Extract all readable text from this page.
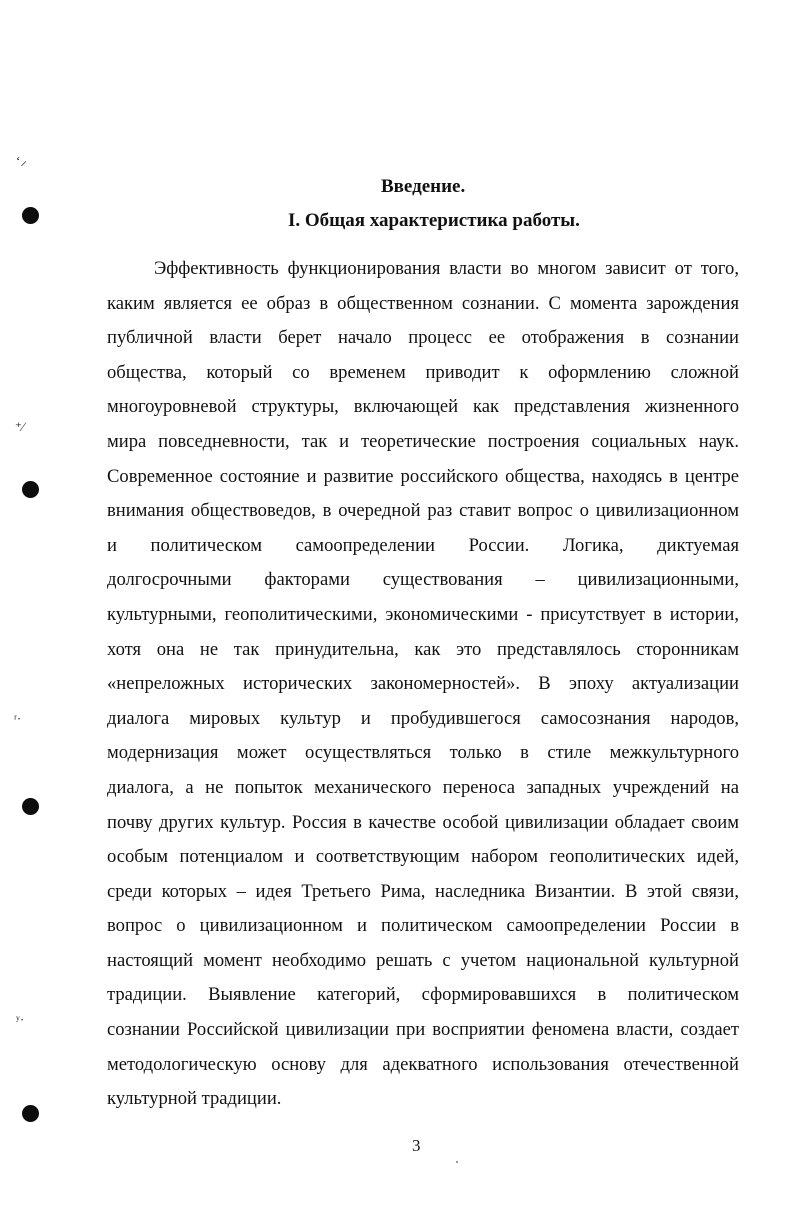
ʻ⸝
⁺⁄
ʳ·
ʸ·
Введение.
I. Общая характеристика работы.
Эффективность функционирования власти во многом зависит от того,
каким является ее образ в общественном сознании. С момента зарождения
публичной власти берет начало процесс ее отображения в сознании
общества, который со временем приводит к оформлению сложной
многоуровневой структуры, включающей как представления жизненного
мира повседневности, так и теоретические построения социальных наук.
Современное состояние и развитие российского общества, находясь в центре
внимания обществоведов, в очередной раз ставит вопрос о цивилизационном
и политическом самоопределении России. Логика, диктуемая
долгосрочными факторами существования – цивилизационными,
культурными, геополитическими, экономическими - присутствует в истории,
хотя она не так принудительна, как это представлялось сторонникам
«непреложных исторических закономерностей». В эпоху актуализации
диалога мировых культур и пробудившегося самосознания народов,
модернизация может осуществляться только в стиле межкультурного
диалога, а не попыток механического переноса западных учреждений на
почву других культур. Россия в качестве особой цивилизации обладает своим
особым потенциалом и соответствующим набором геополитических идей,
среди которых – идея Третьего Рима, наследника Византии. В этой связи,
вопрос о цивилизационном и политическом самоопределении России в
настоящий момент необходимо решать с учетом национальной культурной
традиции. Выявление категорий, сформировавшихся в политическом
сознании Российской цивилизации при восприятии феномена власти, создает
методологическую основу для адекватного использования отечественной
культурной традиции.
3
